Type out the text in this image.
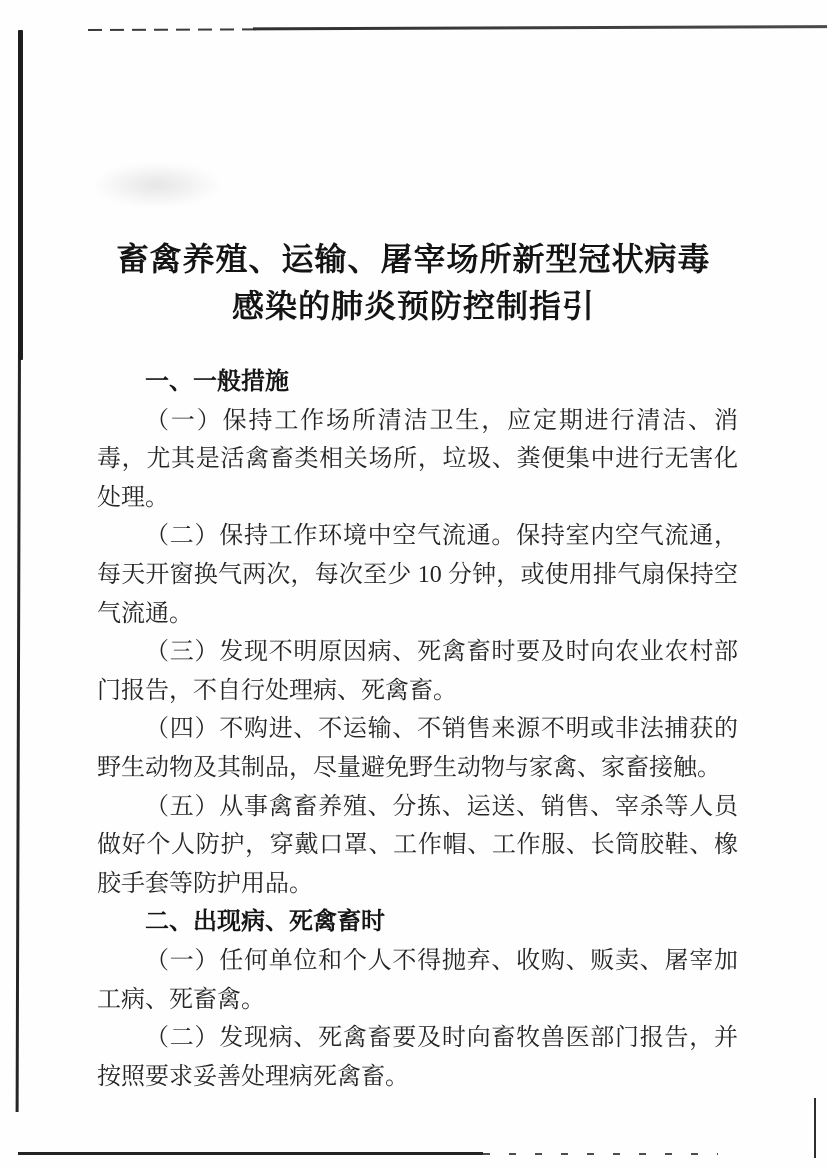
畜禽养殖、运输、屠宰场所新型冠状病毒
感染的肺炎预防控制指引
一、一般措施

（一）保持工作场所清洁卫生，应定期进行清洁、消毒，尤其是活禽畜类相关场所，垃圾、粪便集中进行无害化处理。

（二）保持工作环境中空气流通。保持室内空气流通，每天开窗换气两次，每次至少 10 分钟，或使用排气扇保持空气流通。

（三）发现不明原因病、死禽畜时要及时向农业农村部门报告，不自行处理病、死禽畜。

（四）不购进、不运输、不销售来源不明或非法捕获的野生动物及其制品，尽量避免野生动物与家禽、家畜接触。

（五）从事禽畜养殖、分拣、运送、销售、宰杀等人员做好个人防护，穿戴口罩、工作帽、工作服、长筒胶鞋、橡胶手套等防护用品。

二、出现病、死禽畜时

（一）任何单位和个人不得抛弃、收购、贩卖、屠宰加工病、死畜禽。

（二）发现病、死禽畜要及时向畜牧兽医部门报告，并按照要求妥善处理病死禽畜。
